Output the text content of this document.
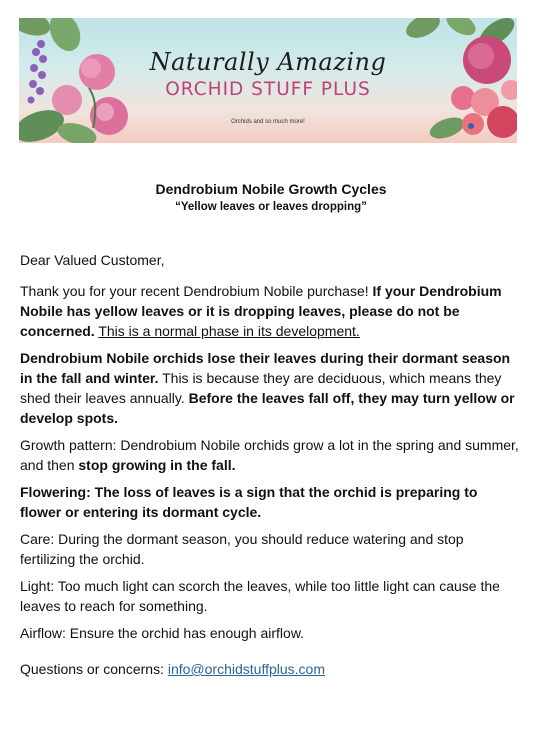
Naturally Amazing
ORCHID STUFF PLUS
Orchids and so much more!
Dendrobium Nobile Growth Cycles
“Yellow leaves or leaves dropping”

Dear Valued Customer,

Thank you for your recent Dendrobium Nobile purchase! If your Dendrobium Nobile has yellow leaves or it is dropping leaves, please do not be concerned. This is a normal phase in its development.

Dendrobium Nobile orchids lose their leaves during their dormant season in the fall and winter. This is because they are deciduous, which means they shed their leaves annually. Before the leaves fall off, they may turn yellow or develop spots.

Growth pattern: Dendrobium Nobile orchids grow a lot in the spring and summer, and then stop growing in the fall.

Flowering: The loss of leaves is a sign that the orchid is preparing to flower or entering its dormant cycle.

Care: During the dormant season, you should reduce watering and stop fertilizing the orchid.

Light: Too much light can scorch the leaves, while too little light can cause the leaves to reach for something.

Airflow: Ensure the orchid has enough airflow.

Questions or concerns: info@orchidstuffplus.com
